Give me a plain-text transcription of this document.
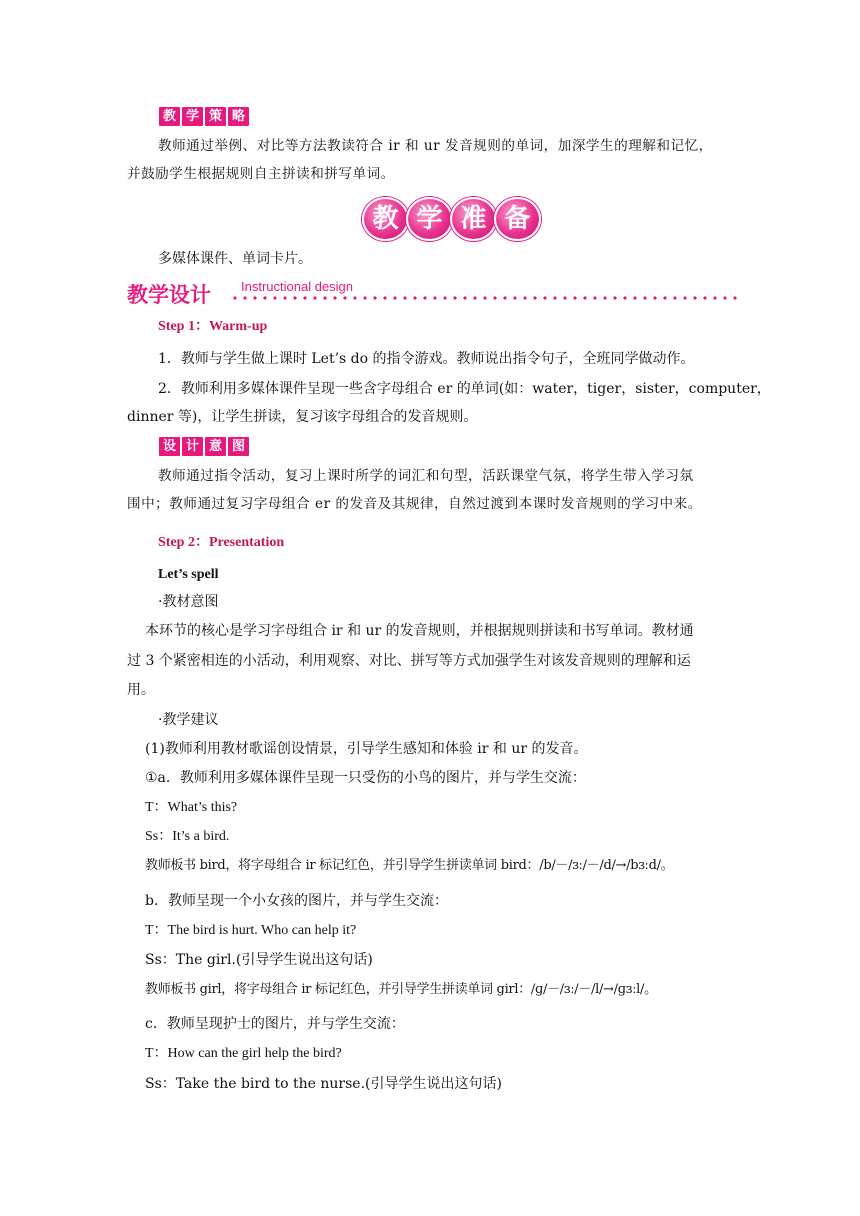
教 学 策 略
教师通过举例、对比等方法教读符合 ir 和 ur 发音规则的单词，加深学生的理解和记忆，
并鼓励学生根据规则自主拼读和拼写单词。
教 学 准 备
多媒体课件、单词卡片。
教学设计 Instructional design
Step 1：Warm-up
1．教师与学生做上课时 Let’s do 的指令游戏。教师说出指令句子，全班同学做动作。
2．教师利用多媒体课件呈现一些含字母组合 er 的单词(如：water，tiger，sister，computer，
dinner 等)，让学生拼读，复习该字母组合的发音规则。
设 计 意 图
教师通过指令活动，复习上课时所学的词汇和句型，活跃课堂气氛，将学生带入学习氛
围中；教师通过复习字母组合 er 的发音及其规律，自然过渡到本课时发音规则的学习中来。
Step 2：Presentation
Let’s spell
·教材意图
本环节的核心是学习字母组合 ir 和 ur 的发音规则，并根据规则拼读和书写单词。教材通
过 3 个紧密相连的小活动，利用观察、对比、拼写等方式加强学生对该发音规则的理解和运
用。
·教学建议
(1)教师利用教材歌谣创设情景，引导学生感知和体验 ir 和 ur 的发音。
①a．教师利用多媒体课件呈现一只受伤的小鸟的图片，并与学生交流：
T：What’s this?
Ss：It’s a bird.
教师板书 bird，将字母组合 ir 标记红色，并引导学生拼读单词 bird：/b/－/ɜː/－/d/→/bɜːd/。
b．教师呈现一个小女孩的图片，并与学生交流：
T：The bird is hurt. Who can help it?
Ss：The girl.(引导学生说出这句话)
教师板书 girl，将字母组合 ir 标记红色，并引导学生拼读单词 girl：/ɡ/－/ɜː/－/l/→/ɡɜːl/。
c．教师呈现护士的图片，并与学生交流：
T：How can the girl help the bird?
Ss：Take the bird to the nurse.(引导学生说出这句话)
